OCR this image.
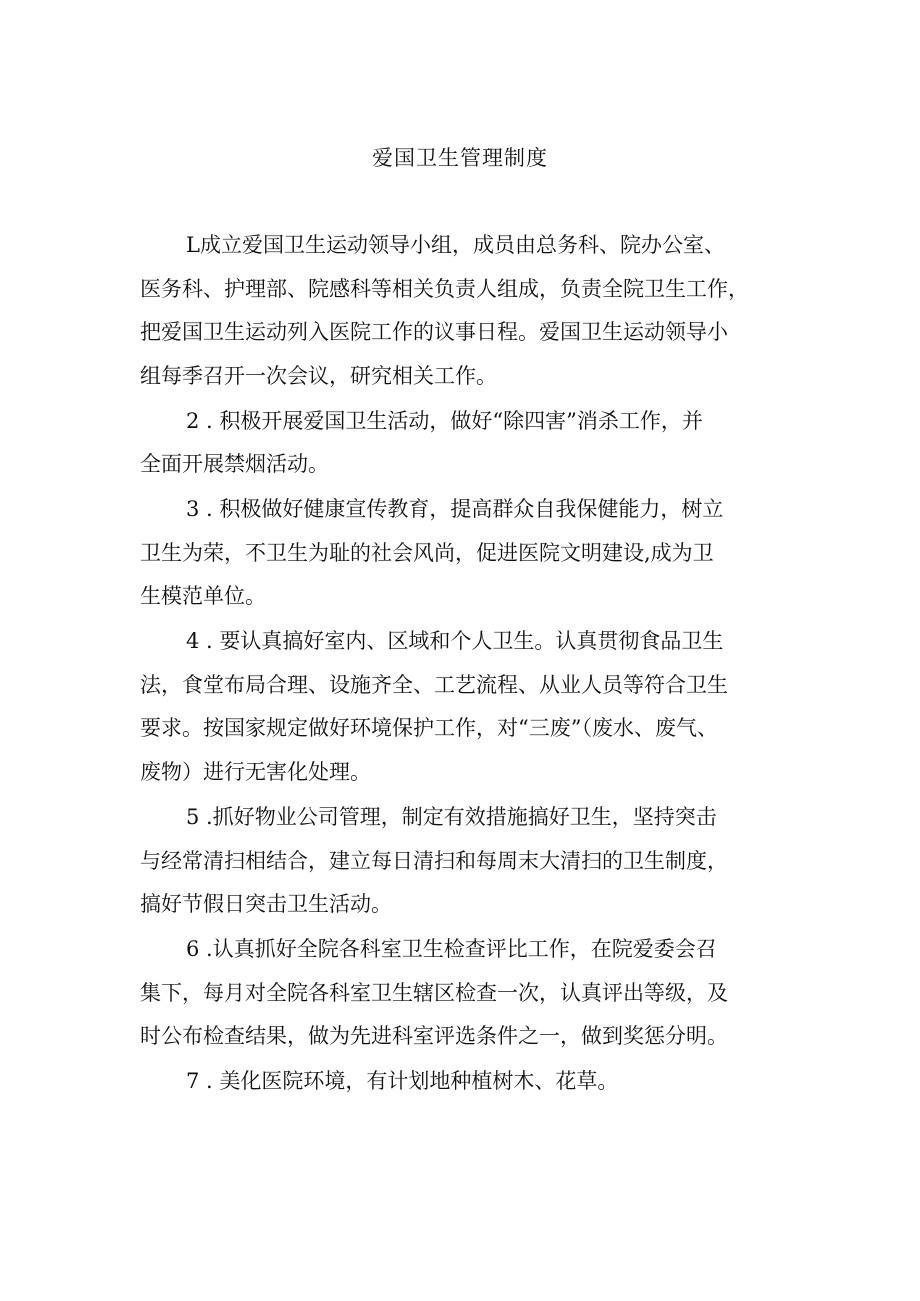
爱国卫生管理制度
L成立爱国卫生运动领导小组，成员由总务科、院办公室、
医务科、护理部、院感科等相关负责人组成，负责全院卫生工作，
把爱国卫生运动列入医院工作的议事日程。爱国卫生运动领导小
组每季召开一次会议，研究相关工作。
2 . 积极开展爱国卫生活动，做好“除四害”消杀工作，并
全面开展禁烟活动。
3 . 积极做好健康宣传教育，提高群众自我保健能力，树立
卫生为荣，不卫生为耻的社会风尚，促进医院文明建设,成为卫
生模范单位。
4 . 要认真搞好室内、区域和个人卫生。认真贯彻食品卫生
法，食堂布局合理、设施齐全、工艺流程、从业人员等符合卫生
要求。按国家规定做好环境保护工作，对“三废”（废水、废气、
废物）进行无害化处理。
5 .抓好物业公司管理，制定有效措施搞好卫生，坚持突击
与经常清扫相结合，建立每日清扫和每周末大清扫的卫生制度，
搞好节假日突击卫生活动。
6 .认真抓好全院各科室卫生检查评比工作，在院爱委会召
集下，每月对全院各科室卫生辖区检查一次，认真评出等级，及
时公布检查结果，做为先进科室评选条件之一，做到奖惩分明。
7 . 美化医院环境，有计划地种植树木、花草。
